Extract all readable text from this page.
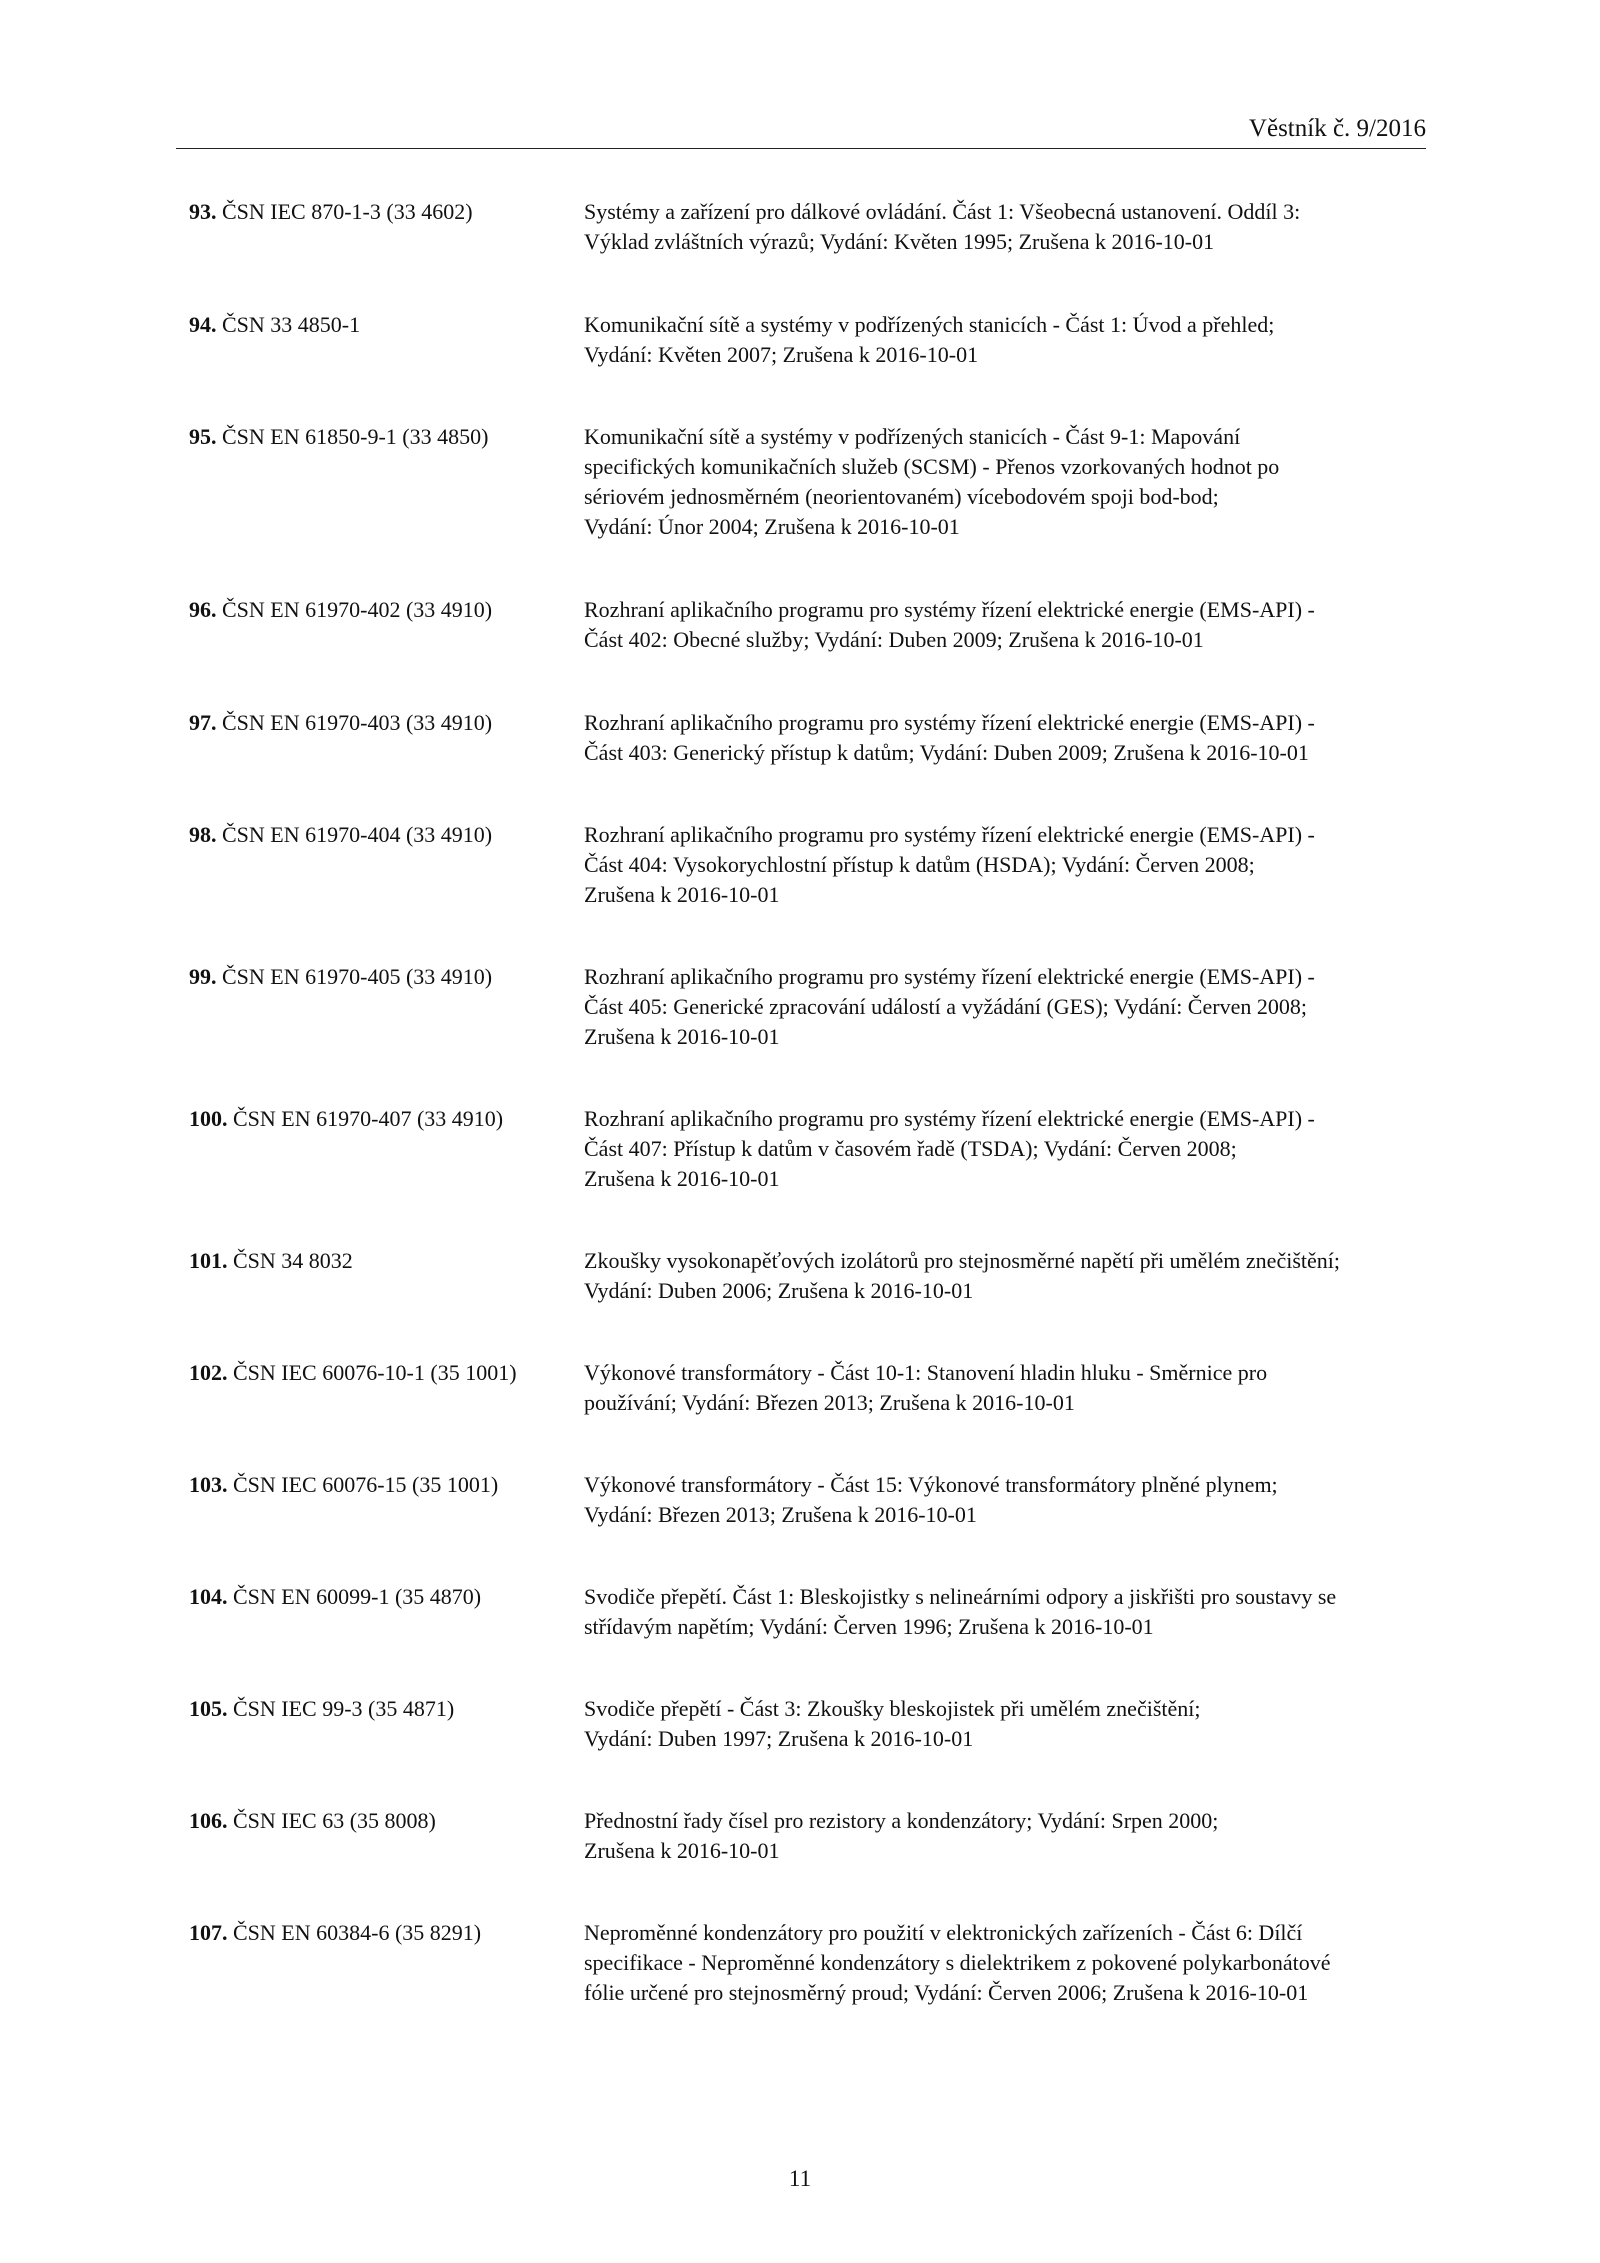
Věstník č. 9/2016
93. ČSN IEC 870-1-3 (33 4602)	Systémy a zařízení pro dálkové ovládání. Část 1: Všeobecná ustanovení. Oddíl 3:
Výklad zvláštních výrazů; Vydání: Květen 1995; Zrušena k 2016-10-01
94. ČSN 33 4850-1	Komunikační sítě a systémy v podřízených stanicích - Část 1: Úvod a přehled;
Vydání: Květen 2007; Zrušena k 2016-10-01
95. ČSN EN 61850-9-1 (33 4850)	Komunikační sítě a systémy v podřízených stanicích - Část 9-1: Mapování
specifických komunikačních služeb (SCSM) - Přenos vzorkovaných hodnot po
sériovém jednosměrném (neorientovaném) vícebodovém spoji bod-bod;
Vydání: Únor 2004; Zrušena k 2016-10-01
96. ČSN EN 61970-402 (33 4910)	Rozhraní aplikačního programu pro systémy řízení elektrické energie (EMS-API) -
Část 402: Obecné služby; Vydání: Duben 2009; Zrušena k 2016-10-01
97. ČSN EN 61970-403 (33 4910)	Rozhraní aplikačního programu pro systémy řízení elektrické energie (EMS-API) -
Část 403: Generický přístup k datům; Vydání: Duben 2009; Zrušena k 2016-10-01
98. ČSN EN 61970-404 (33 4910)	Rozhraní aplikačního programu pro systémy řízení elektrické energie (EMS-API) -
Část 404: Vysokorychlostní přístup k datům (HSDA); Vydání: Červen 2008;
Zrušena k 2016-10-01
99. ČSN EN 61970-405 (33 4910)	Rozhraní aplikačního programu pro systémy řízení elektrické energie (EMS-API) -
Část 405: Generické zpracování událostí a vyžádání (GES); Vydání: Červen 2008;
Zrušena k 2016-10-01
100. ČSN EN 61970-407 (33 4910)	Rozhraní aplikačního programu pro systémy řízení elektrické energie (EMS-API) -
Část 407: Přístup k datům v časovém řadě (TSDA); Vydání: Červen 2008;
Zrušena k 2016-10-01
101. ČSN 34 8032	Zkoušky vysokonapěťových izolátorů pro stejnosměrné napětí při umělém znečištění;
Vydání: Duben 2006; Zrušena k 2016-10-01
102. ČSN IEC 60076-10-1 (35 1001)	Výkonové transformátory - Část 10-1: Stanovení hladin hluku - Směrnice pro
používání; Vydání: Březen 2013; Zrušena k 2016-10-01
103. ČSN IEC 60076-15 (35 1001)	Výkonové transformátory - Část 15: Výkonové transformátory plněné plynem;
Vydání: Březen 2013; Zrušena k 2016-10-01
104. ČSN EN 60099-1 (35 4870)	Svodiče přepětí. Část 1: Bleskojistky s nelineárními odpory a jiskřišti pro soustavy se
střídavým napětím; Vydání: Červen 1996; Zrušena k 2016-10-01
105. ČSN IEC 99-3 (35 4871)	Svodiče přepětí - Část 3: Zkoušky bleskojistek při umělém znečištění;
Vydání: Duben 1997; Zrušena k 2016-10-01
106. ČSN IEC 63 (35 8008)	Přednostní řady čísel pro rezistory a kondenzátory; Vydání: Srpen 2000;
Zrušena k 2016-10-01
107. ČSN EN 60384-6 (35 8291)	Neproměnné kondenzátory pro použití v elektronických zařízeních - Část 6: Dílčí
specifikace - Neproměnné kondenzátory s dielektrikem z pokovené polykarbonátové
fólie určené pro stejnosměrný proud; Vydání: Červen 2006; Zrušena k 2016-10-01
11
